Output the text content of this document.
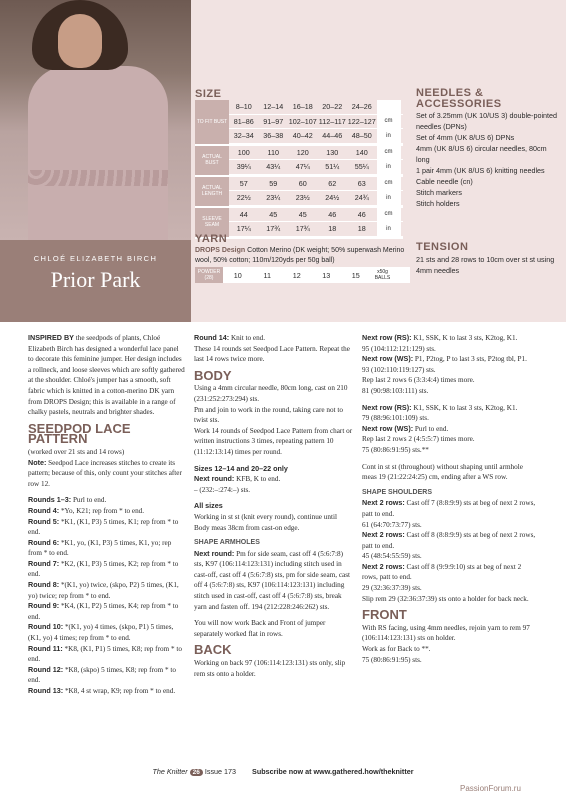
CHLOÉ ELIZABETH BIRCH
Prior Park
SIZE
TO FIT BUST
8–10	12–14	16–18	20–22	24–26
81–86	91–97 102–107 112–117 122–127	cm
32–34	36–38	40–42	44–46	48–50	in
ACTUAL BUST
100	110	120	130	140	cm
39¼	43¼	47¼	51¼	55¼	in
ACTUAL LENGTH
57	59	60	62	63	cm
22½	23¼	23½	24½	24¾	in
SLEEVE SEAM
44	45	45	46	46	cm
17¼	17¾	17¾	18	18	in
YARN
DROPS Design Cotton Merino (DK weight; 50% superwash Merino wool, 50% cotton; 110m/120yds per 50g ball)
POWDER (28)	10	11	12	13	15	x50g BALLS
NEEDLES & ACCESSORIES
Set of 3.25mm (UK 10/US 3) double-pointed needles (DPNs)
Set of 4mm (UK 8/US 6) DPNs
4mm (UK 8/US 6) circular needles, 80cm long
1 pair 4mm (UK 8/US 6) knitting needles
Cable needle (cn)
Stitch markers
Stitch holders
TENSION
21 sts and 28 rows to 10cm over st st using 4mm needles

INSPIRED BY the seedpods of plants, Chloé Elizabeth Birch has designed a wonderful lace panel to decorate this feminine jumper. Her design includes a rollneck, and loose sleeves which are softly gathered at the shoulder. Chloé's jumper has a smooth, soft fabric which is knitted in a cotton-merino DK yarn from DROPS Design; this is available in a range of chalky pastels, neutrals and brighter shades.

SEEDPOD LACE PATTERN

(worked over 21 sts and 14 rows)

Note: Seedpod Lace increases stitches to create its pattern; because of this, only count your stitches after row 12.

Rounds 1–3: Purl to end.

Round 4: *Yo, K21; rep from * to end.

Round 5: *K1, (K1, P3) 5 times, K1; rep from * to end.

Round 6: *K1, yo, (K1, P3) 5 times, K1, yo; rep from * to end.

Round 7: *K2, (K1, P3) 5 times, K2; rep from * to end.

Round 8: *(K1, yo) twice, (skpo, P2) 5 times, (K1, yo) twice; rep from * to end.

Round 9: *K4, (K1, P2) 5 times, K4; rep from * to end.

Round 10: *(K1, yo) 4 times, (skpo, P1) 5 times, (K1, yo) 4 times; rep from * to end.

Round 11: *K8, (K1, P1) 5 times, K8; rep from * to end.

Round 12: *K8, (skpo) 5 times, K8; rep from * to end.

Round 13: *K8, 4 st wrap, K9; rep from * to end.

Round 14: Knit to end.

These 14 rounds set Seedpod Lace Pattern. Repeat the last 14 rows twice more.

BODY

Using a 4mm circular needle, 80cm long, cast on 210 (231:252:273:294) sts.

Pm and join to work in the round, taking care not to twist sts.

Work 14 rounds of Seedpod Lace Pattern from chart or written instructions 3 times, repeating pattern 10 (11:12:13:14) times per round.

Sizes 12–14 and 20–22 only

Next round: KFB, K to end.

– (232:–:274:–) sts.

All sizes

Working in st st (knit every round), continue until Body meas 38cm from cast-on edge.

SHAPE ARMHOLES

Next round: Pm for side seam, cast off 4 (5:6:7:8) sts, K97 (106:114:123:131) including stitch used in cast-off, cast off 4 (5:6:7:8) sts, pm for side seam, cast off 4 (5:6:7:8) sts, K97 (106:114:123:131) including stitch used in cast-off, cast off 4 (5:6:7:8) sts, break yarn and fasten off. 194 (212:228:246:262) sts.

You will now work Back and Front of jumper separately worked flat in rows.

BACK

Working on back 97 (106:114:123:131) sts only, slip rem sts onto a holder.

Next row (RS): K1, SSK, K to last 3 sts, K2tog, K1.

95 (104:112:121:129) sts.

Next row (WS): P1, P2tog, P to last 3 sts, P2tog tbl, P1.

93 (102:110:119:127) sts.

Rep last 2 rows 6 (3:3:4:4) times more.

81 (90:98:103:111) sts.

Next row (RS): K1, SSK, K to last 3 sts, K2tog, K1.

79 (88:96:101:109) sts.

Next row (WS): Purl to end.

Rep last 2 rows 2 (4:5:5:7) times more.

75 (80:86:91:95) sts.**

Cont in st st (throughout) without shaping until armhole meas 19 (21:22:24:25) cm, ending after a WS row.

SHAPE SHOULDERS

Next 2 rows: Cast off 7 (8:8:9:9) sts at beg of next 2 rows, patt to end.

61 (64:70:73:77) sts.

Next 2 rows: Cast off 8 (8:8:9:9) sts at beg of next 2 rows, patt to end.

45 (48:54:55:59) sts.

Next 2 rows: Cast off 8 (9:9:9:10) sts at beg of next 2 rows, patt to end.

29 (32:36:37:39) sts.

Slip rem 29 (32:36:37:39) sts onto a holder for back neck.

FRONT

With RS facing, using 4mm needles, rejoin yarn to rem 97 (106:114:123:131) sts on holder.

Work as for Back to **.

75 (80:86:91:95) sts.

The Knitter 26 Issue 173 Subscribe now at www.gathered.how/theknitter
PassionForum.ru
